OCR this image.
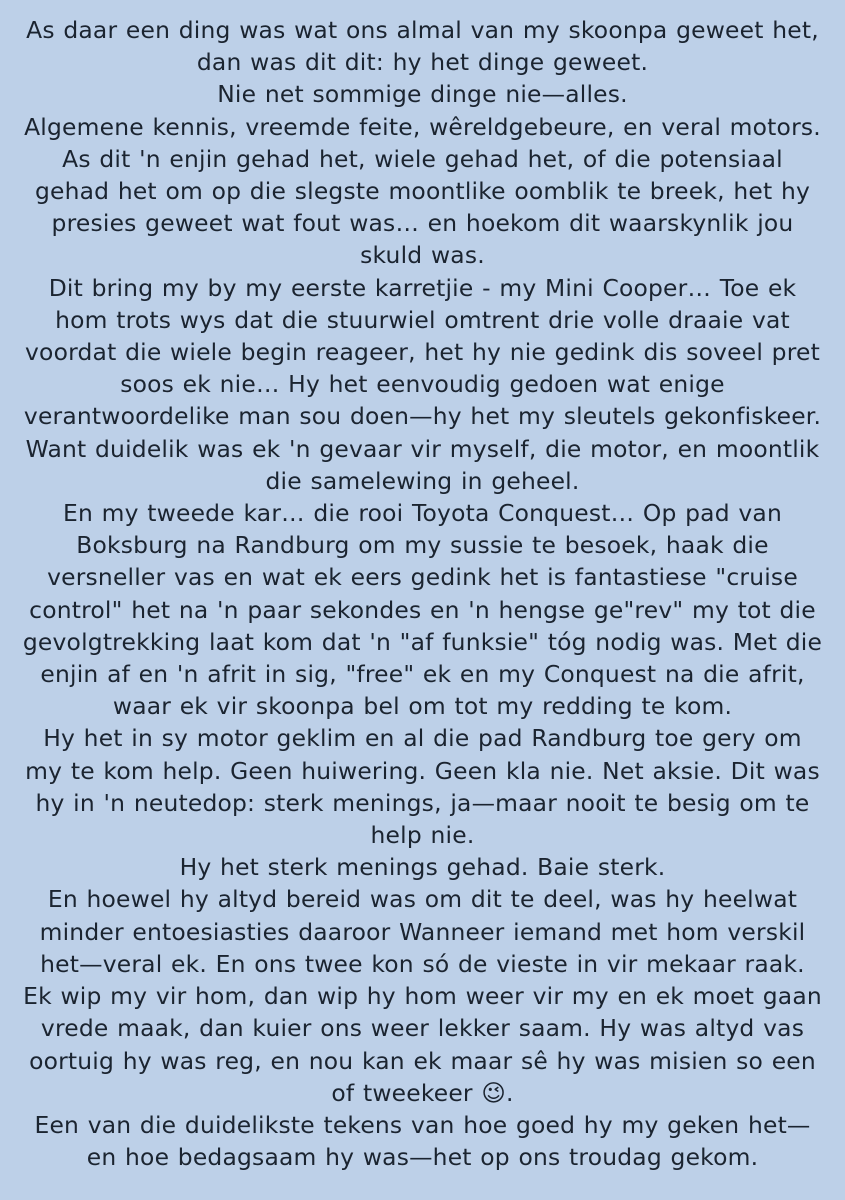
As daar een ding was wat ons almal van my skoonpa geweet het, dan was dit dit: hy het dinge geweet.

Nie net sommige dinge nie—alles.

Algemene kennis, vreemde feite, wêreldgebeure, en veral motors. As dit 'n enjin gehad het, wiele gehad het, of die potensiaal gehad het om op die slegste moontlike oomblik te breek, het hy presies geweet wat fout was… en hoekom dit waarskynlik jou skuld was.

Dit bring my by my eerste karretjie - my Mini Cooper… Toe ek hom trots wys dat die stuurwiel omtrent drie volle draaie vat voordat die wiele begin reageer, het hy nie gedink dis soveel pret soos ek nie… Hy het eenvoudig gedoen wat enige verantwoordelike man sou doen—hy het my sleutels gekonfiskeer.

Want duidelik was ek 'n gevaar vir myself, die motor, en moontlik die samelewing in geheel.

En my tweede kar… die rooi Toyota Conquest… Op pad van Boksburg na Randburg om my sussie te besoek, haak die versneller vas en wat ek eers gedink het is fantastiese "cruise control" het na 'n paar sekondes en 'n hengse ge"rev" my tot die gevolgtrekking laat kom dat 'n "af funksie" tóg nodig was. Met die enjin af en 'n afrit in sig, "free" ek en my Conquest na die afrit, waar ek vir skoonpa bel om tot my redding te kom.

Hy het in sy motor geklim en al die pad Randburg toe gery om my te kom help. Geen huiwering. Geen kla nie. Net aksie. Dit was hy in 'n neutedop: sterk menings, ja—maar nooit te besig om te help nie.

Hy het sterk menings gehad. Baie sterk.

En hoewel hy altyd bereid was om dit te deel, was hy heelwat minder entoesiasties daaroor Wanneer iemand met hom verskil het—veral ek. En ons twee kon só de vieste in vir mekaar raak.

Ek wip my vir hom, dan wip hy hom weer vir my en ek moet gaan vrede maak, dan kuier ons weer lekker saam. Hy was altyd vas oortuig hy was reg, en nou kan ek maar sê hy was misien so een of tweekeer 😉.

Een van die duidelikste tekens van hoe goed hy my geken het—en hoe bedagsaam hy was—het op ons troudag gekom.
